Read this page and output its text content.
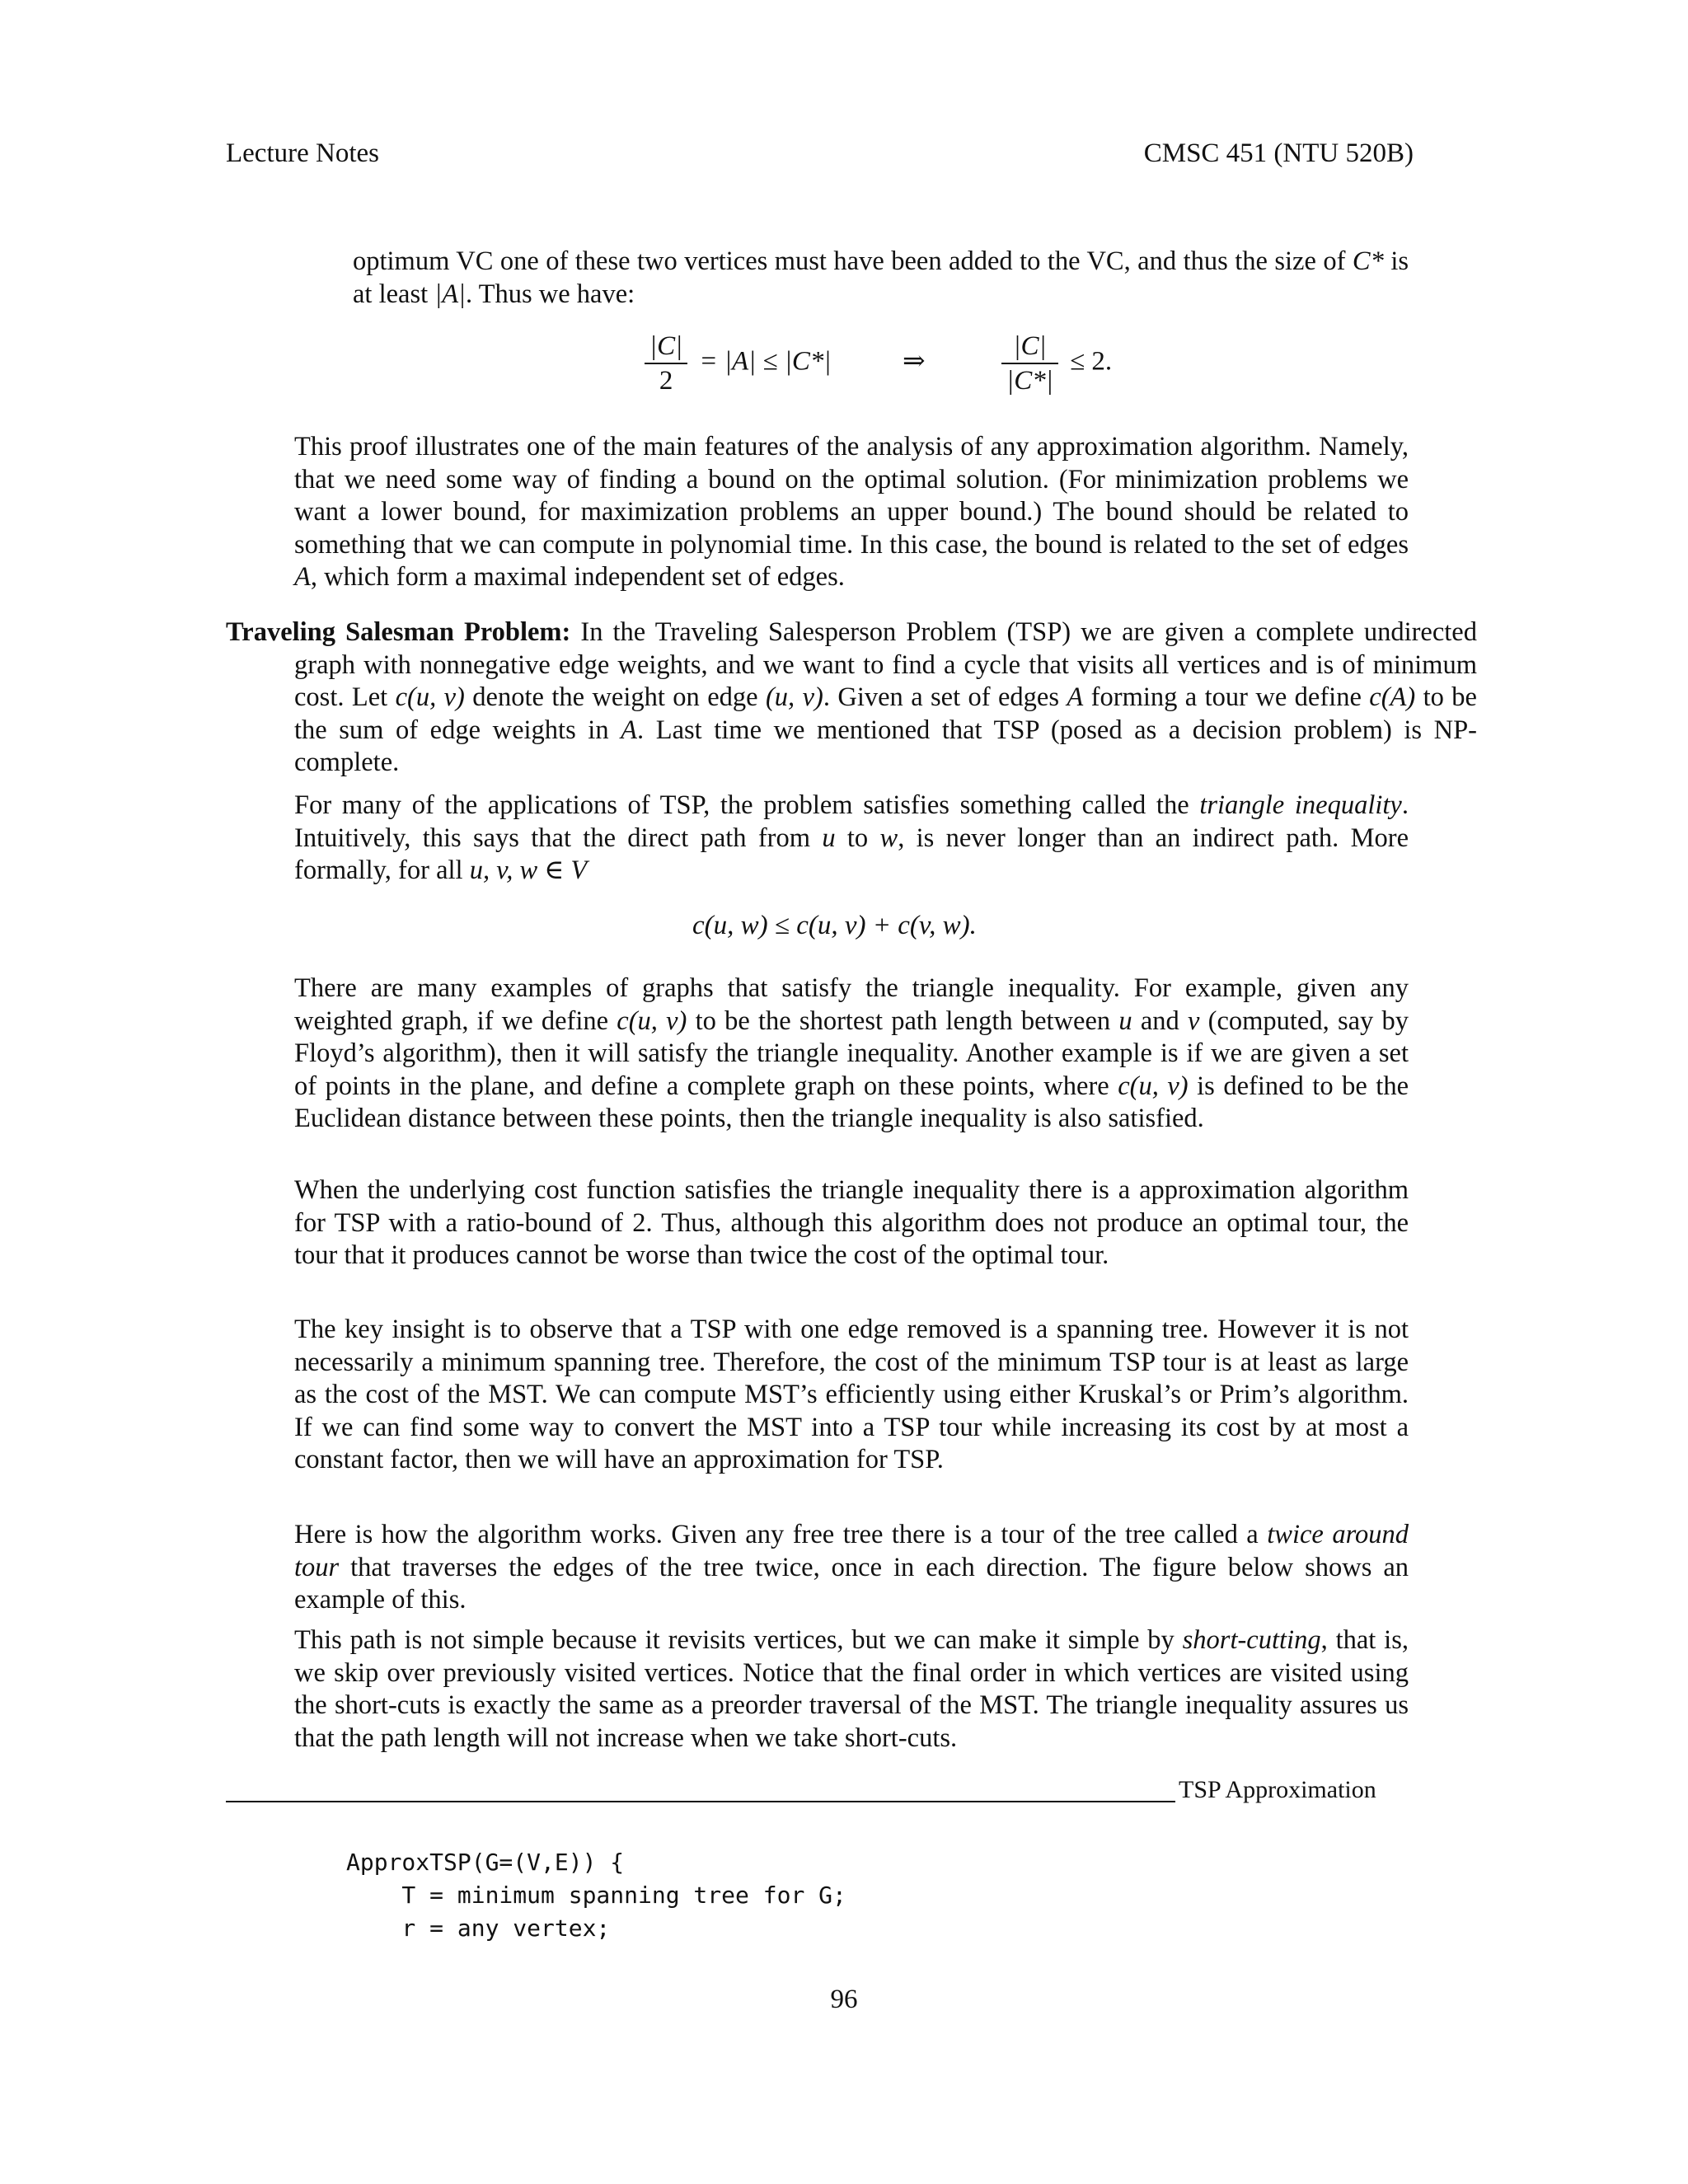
Lecture Notes	CMSC 451 (NTU 520B)
optimum VC one of these two vertices must have been added to the VC, and thus the size of C* is at least |A|. Thus we have:
$\frac{|C|}{2} = |A| \le |C*|$	⇒	$\frac{|C|}{|C*|} \le 2$.
This proof illustrates one of the main features of the analysis of any approximation algorithm. Namely, that we need some way of finding a bound on the optimal solution. (For minimization problems we want a lower bound, for maximization problems an upper bound.) The bound should be related to something that we can compute in polynomial time. In this case, the bound is related to the set of edges A, which form a maximal independent set of edges.
Traveling Salesman Problem: In the Traveling Salesperson Problem (TSP) we are given a complete undirected graph with nonnegative edge weights, and we want to find a cycle that visits all vertices and is of minimum cost. Let c(u, v) denote the weight on edge (u, v). Given a set of edges A forming a tour we define c(A) to be the sum of edge weights in A. Last time we mentioned that TSP (posed as a decision problem) is NP-complete.
For many of the applications of TSP, the problem satisfies something called the triangle inequality. Intuitively, this says that the direct path from u to w, is never longer than an indirect path. More formally, for all u, v, w ∈ V
c(u, w) ≤ c(u, v) + c(v, w).
There are many examples of graphs that satisfy the triangle inequality. For example, given any weighted graph, if we define c(u, v) to be the shortest path length between u and v (computed, say by Floyd’s algorithm), then it will satisfy the triangle inequality. Another example is if we are given a set of points in the plane, and define a complete graph on these points, where c(u, v) is defined to be the Euclidean distance between these points, then the triangle inequality is also satisfied.
When the underlying cost function satisfies the triangle inequality there is a approximation algorithm for TSP with a ratio-bound of 2. Thus, although this algorithm does not produce an optimal tour, the tour that it produces cannot be worse than twice the cost of the optimal tour.
The key insight is to observe that a TSP with one edge removed is a spanning tree. However it is not necessarily a minimum spanning tree. Therefore, the cost of the minimum TSP tour is at least as large as the cost of the MST. We can compute MST’s efficiently using either Kruskal’s or Prim’s algorithm. If we can find some way to convert the MST into a TSP tour while increasing its cost by at most a constant factor, then we will have an approximation for TSP.
Here is how the algorithm works. Given any free tree there is a tour of the tree called a twice around tour that traverses the edges of the tree twice, once in each direction. The figure below shows an example of this.
This path is not simple because it revisits vertices, but we can make it simple by short-cutting, that is, we skip over previously visited vertices. Notice that the final order in which vertices are visited using the short-cuts is exactly the same as a preorder traversal of the MST. The triangle inequality assures us that the path length will not increase when we take short-cuts.
TSP Approximation
ApproxTSP(G=(V,E)) {
T = minimum spanning tree for G;
r = any vertex;
96
